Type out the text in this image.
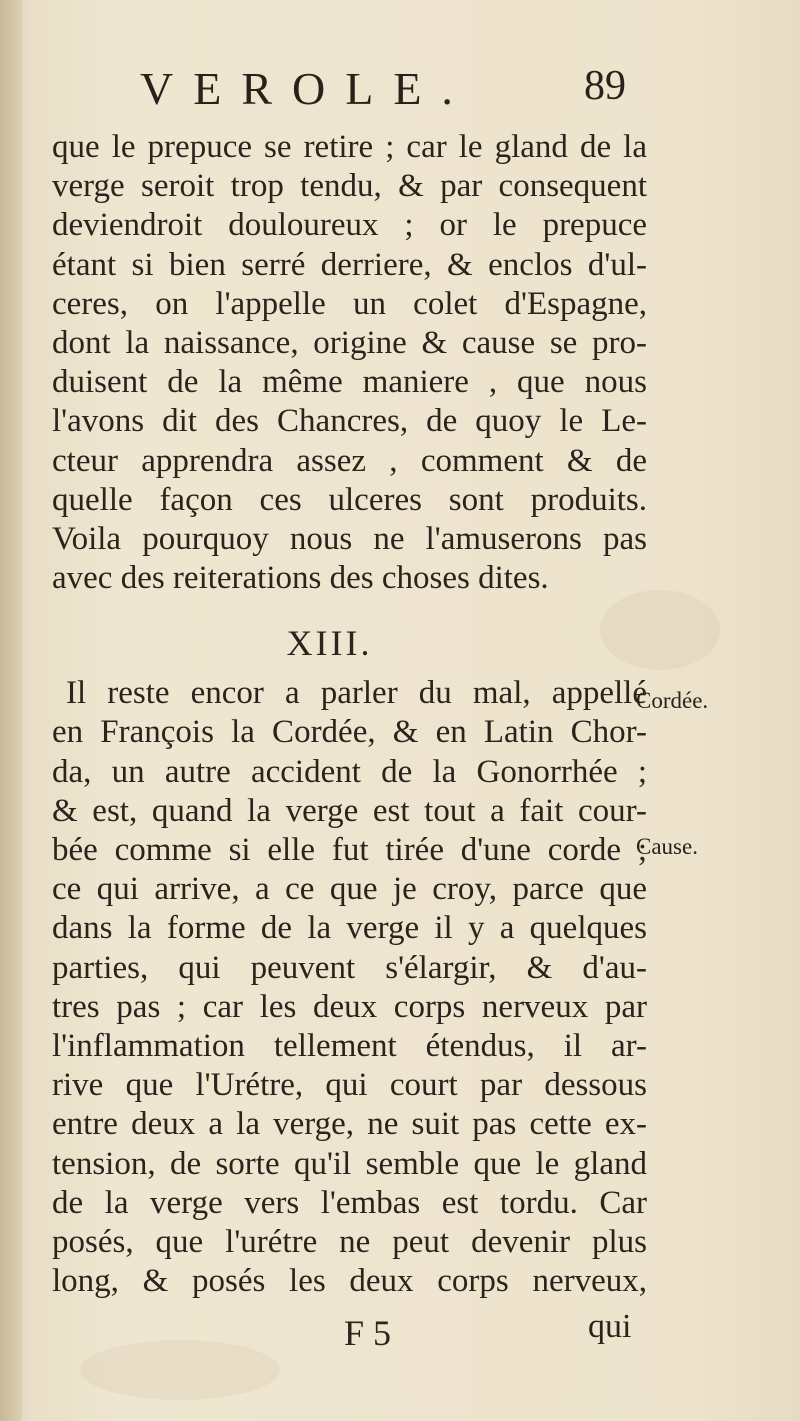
VEROLE.	89
que le prepuce se retire ; car le gland de la
verge seroit trop tendu, & par consequent
deviendroit douloureux ; or le prepuce
étant si bien serré derriere, & enclos d'ul-
ceres, on l'appelle un colet d'Espagne,
dont la naissance, origine & cause se pro-
duisent de la même maniere , que nous
l'avons dit des Chancres, de quoy le Le-
cteur apprendra assez , comment & de
quelle façon ces ulceres sont produits.
Voila pourquoy nous ne l'amuserons pas
avec des reiterations des choses dites.
XIII.
Il reste encor a parler du mal, appellé
en François la Cordée, & en Latin Chor-
da, un autre accident de la Gonorrhée ;
& est, quand la verge est tout a fait cour-
bée comme si elle fut tirée d'une corde ;
ce qui arrive, a ce que je croy, parce que
dans la forme de la verge il y a quelques
parties, qui peuvent s'élargir, & d'au-
tres pas ; car les deux corps nerveux par
l'inflammation tellement étendus, il ar-
rive que l'Urétre, qui court par dessous
entre deux a la verge, ne suit pas cette ex-
tension, de sorte qu'il semble que le gland
de la verge vers l'embas est tordu. Car
posés, que l'urétre ne peut devenir plus
long, & posés les deux corps nerveux,
Cordée.
Cause.
F 5	qui
